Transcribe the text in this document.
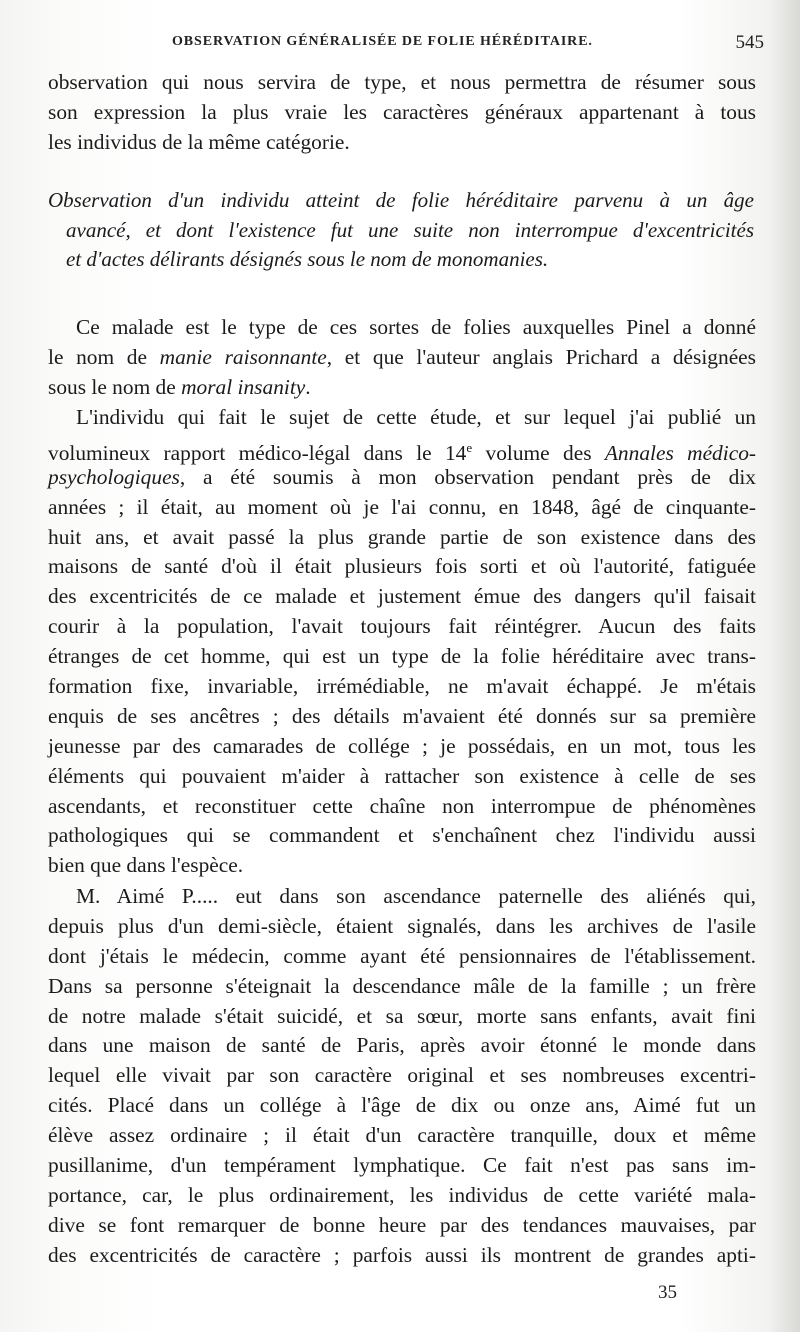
OBSERVATION GÉNÉRALISÉE DE FOLIE HÉRÉDITAIRE.	545
observation qui nous servira de type, et nous permettra de résumer sous
son expression la plus vraie les caractères généraux appartenant à tous
les individus de la même catégorie.
Observation d'un individu atteint de folie héréditaire parvenu à un âge
avancé, et dont l'existence fut une suite non interrompue d'excentricités
et d'actes délirants désignés sous le nom de monomanies.
Ce malade est le type de ces sortes de folies auxquelles Pinel a donné
le nom de manie raisonnante, et que l'auteur anglais Prichard a désignées
sous le nom de moral insanity.
L'individu qui fait le sujet de cette étude, et sur lequel j'ai publié un
volumineux rapport médico-légal dans le 14e volume des Annales médico-
psychologiques, a été soumis à mon observation pendant près de dix
années ; il était, au moment où je l'ai connu, en 1848, âgé de cinquante-
huit ans, et avait passé la plus grande partie de son existence dans des
maisons de santé d'où il était plusieurs fois sorti et où l'autorité, fatiguée
des excentricités de ce malade et justement émue des dangers qu'il faisait
courir à la population, l'avait toujours fait réintégrer. Aucun des faits
étranges de cet homme, qui est un type de la folie héréditaire avec trans-
formation fixe, invariable, irrémédiable, ne m'avait échappé. Je m'étais
enquis de ses ancêtres ; des détails m'avaient été donnés sur sa première
jeunesse par des camarades de collége ; je possédais, en un mot, tous les
éléments qui pouvaient m'aider à rattacher son existence à celle de ses
ascendants, et reconstituer cette chaîne non interrompue de phénomènes
pathologiques qui se commandent et s'enchaînent chez l'individu aussi
bien que dans l'espèce.
M. Aimé P..... eut dans son ascendance paternelle des aliénés qui,
depuis plus d'un demi-siècle, étaient signalés, dans les archives de l'asile
dont j'étais le médecin, comme ayant été pensionnaires de l'établissement.
Dans sa personne s'éteignait la descendance mâle de la famille ; un frère
de notre malade s'était suicidé, et sa sœur, morte sans enfants, avait fini
dans une maison de santé de Paris, après avoir étonné le monde dans
lequel elle vivait par son caractère original et ses nombreuses excentri-
cités. Placé dans un collége à l'âge de dix ou onze ans, Aimé fut un
élève assez ordinaire ; il était d'un caractère tranquille, doux et même
pusillanime, d'un tempérament lymphatique. Ce fait n'est pas sans im-
portance, car, le plus ordinairement, les individus de cette variété mala-
dive se font remarquer de bonne heure par des tendances mauvaises, par
des excentricités de caractère ; parfois aussi ils montrent de grandes apti-
35
